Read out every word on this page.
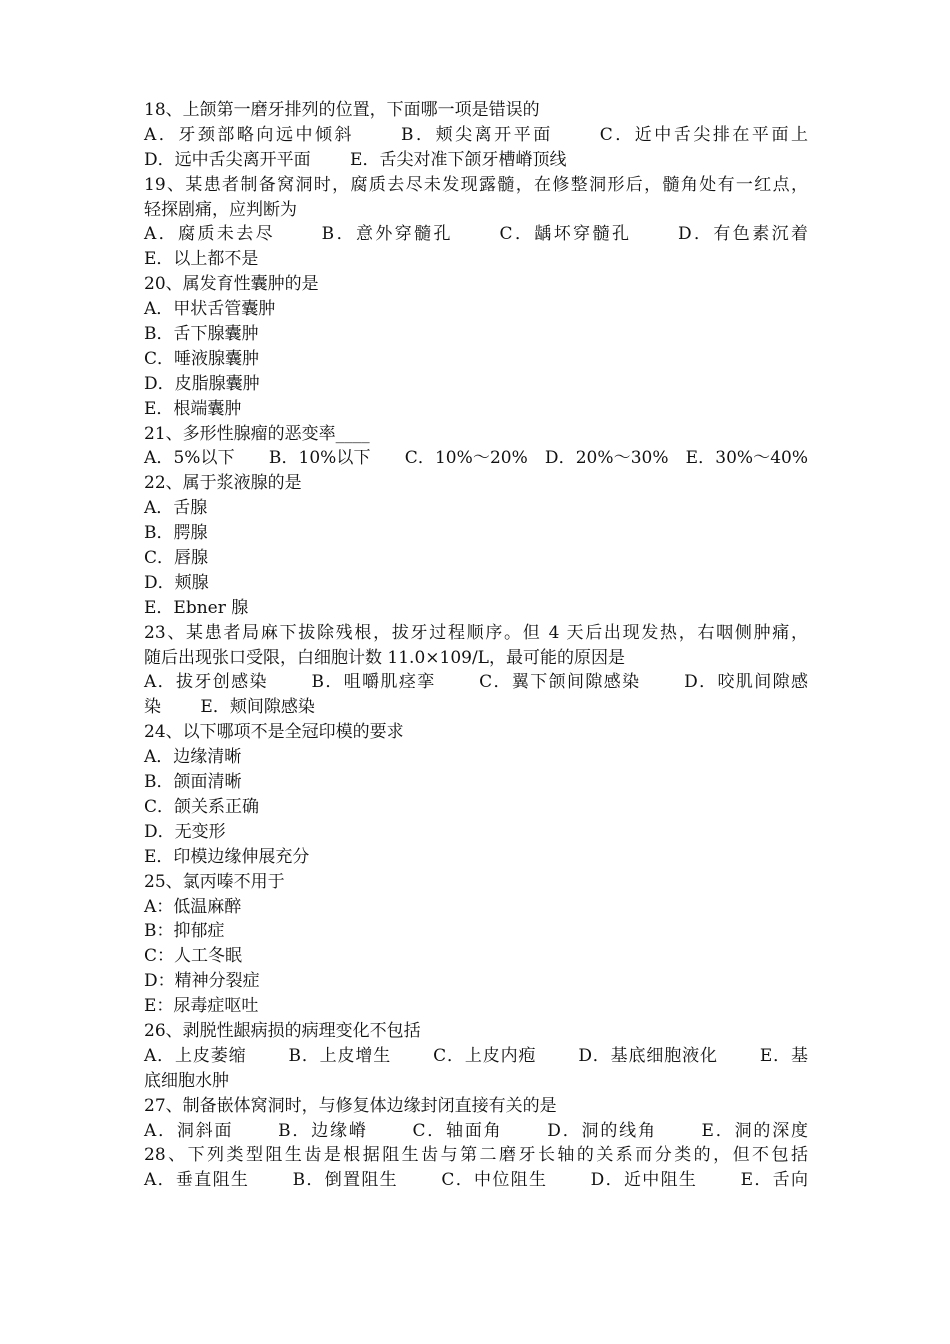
18、上颌第一磨牙排列的位置，下面哪一项是错误的
A．牙颈部略向远中倾斜　　 B．颊尖离开平面　　 C．近中舌尖排在平面上
D．远中舌尖离开平面　　 E．舌尖对准下颌牙槽嵴顶线
19、某患者制备窝洞时，腐质去尽未发现露髓，在修整洞形后，髓角处有一红点，
轻探剧痛，应判断为
A．腐质未去尽　　 B．意外穿髓孔　　 C．龋坏穿髓孔　　 D．有色素沉着
E．以上都不是
20、属发育性囊肿的是
A．甲状舌管囊肿
B．舌下腺囊肿
C．唾液腺囊肿
D．皮脂腺囊肿
E．根端囊肿
21、多形性腺瘤的恶变率____
A．5%以下　　B．10%以下　　C．10%～20%　D．20%～30%　E．30%～40%
22、属于浆液腺的是
A．舌腺
B．腭腺
C．唇腺
D．颊腺
E．Ebner 腺
23、某患者局麻下拔除残根，拔牙过程顺序。但 4 天后出现发热，右咽侧肿痛，
随后出现张口受限，白细胞计数 11.0×109/L，最可能的原因是
A．拔牙创感染　　 B．咀嚼肌痉挛　　 C．翼下颌间隙感染　　 D．咬肌间隙感
染　　 E．颊间隙感染
24、以下哪项不是全冠印模的要求
A．边缘清晰
B．颌面清晰
C．颌关系正确
D．无变形
E．印模边缘伸展充分
25、氯丙嗪不用于
A：低温麻醉
B：抑郁症
C：人工冬眠
D：精神分裂症
E：尿毒症呕吐
26、剥脱性龈病损的病理变化不包括
A．上皮萎缩　　 B．上皮增生　　 C．上皮内疱　　 D．基底细胞液化　　 E．基
底细胞水肿
27、制备嵌体窝洞时，与修复体边缘封闭直接有关的是
A．洞斜面　　 B．边缘嵴　　 C．轴面角　　 D．洞的线角　　 E．洞的深度
28、下列类型阻生齿是根据阻生齿与第二磨牙长轴的关系而分类的，但不包括
A．垂直阻生　　 B．倒置阻生　　 C．中位阻生　　 D．近中阻生　　 E．舌向
